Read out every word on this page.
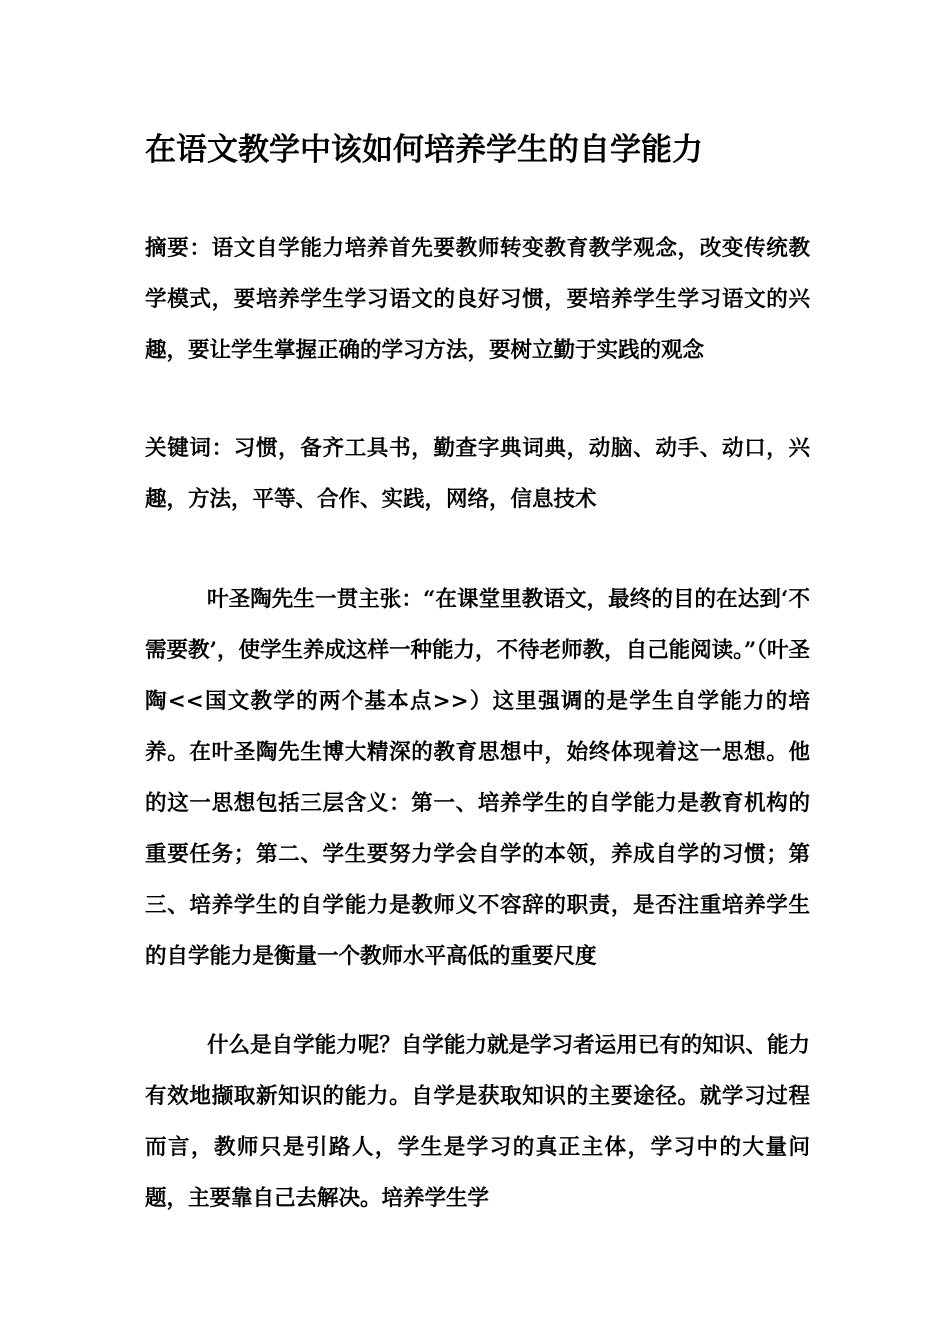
在语文教学中该如何培养学生的自学能力
摘要：语文自学能力培养首先要教师转变教育教学观念，改变传统教学模式，要培养学生学习语文的良好习惯，要培养学生学习语文的兴趣，要让学生掌握正确的学习方法，要树立勤于实践的观念
关键词：习惯，备齐工具书，勤查字典词典，动脑、动手、动口，兴趣，方法，平等、合作、实践，网络，信息技术

叶圣陶先生一贯主张：“在课堂里教语文，最终的目的在达到‘不需要教’，使学生养成这样一种能力，不待老师教，自己能阅读。”（叶圣陶<<国文教学的两个基本点>>）这里强调的是学生自学能力的培养。在叶圣陶先生博大精深的教育思想中，始终体现着这一思想。他的这一思想包括三层含义：第一、培养学生的自学能力是教育机构的重要任务；第二、学生要努力学会自学的本领，养成自学的习惯；第三、培养学生的自学能力是教师义不容辞的职责，是否注重培养学生的自学能力是衡量一个教师水平高低的重要尺度

什么是自学能力呢？自学能力就是学习者运用已有的知识、能力有效地撷取新知识的能力。自学是获取知识的主要途径。就学习过程而言，教师只是引路人，学生是学习的真正主体，学习中的大量问题，主要靠自己去解决。培养学生学
